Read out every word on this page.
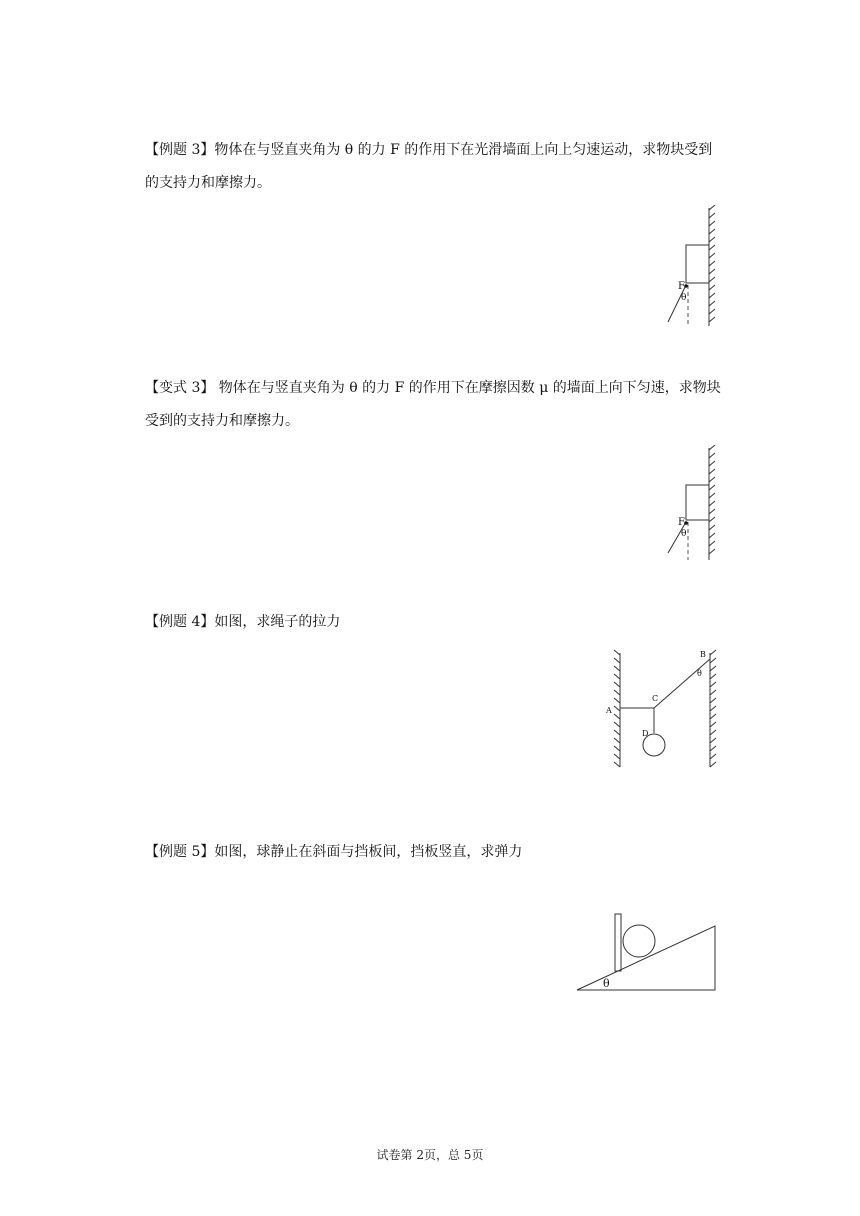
【例题 3】物体在与竖直夹角为 θ 的力 F 的作用下在光滑墙面上向上匀速运动，求物块受到的支持力和摩擦力。
F
θ
【变式 3】 物体在与竖直夹角为 θ 的力 F 的作用下在摩擦因数 μ 的墙面上向下匀速，求物块受到的支持力和摩擦力。
F
θ
【例题 4】如图，求绳子的拉力
A
B
C
D
θ
【例题 5】如图，球静止在斜面与挡板间，挡板竖直，求弹力
θ
试卷第 2页，总 5页
